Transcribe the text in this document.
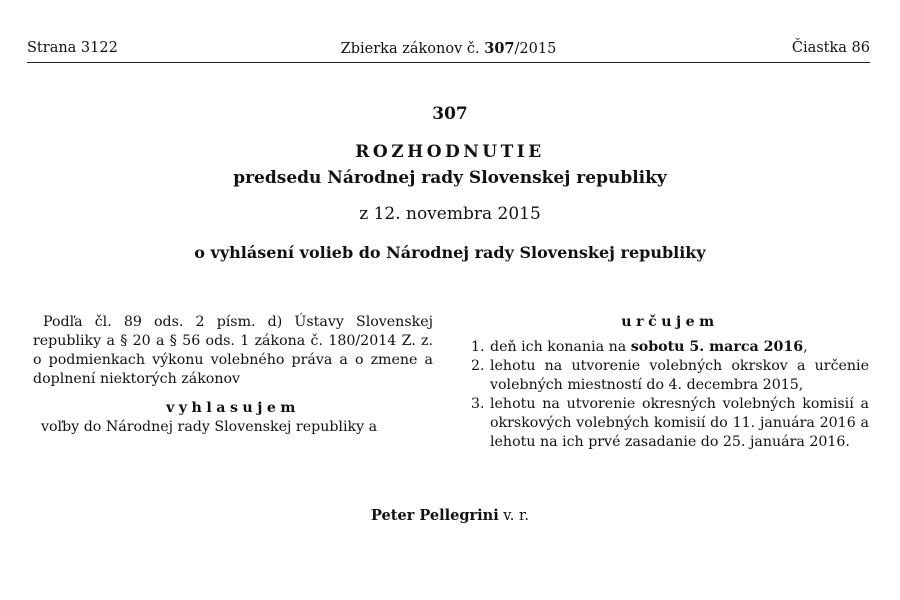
Strana 3122	Zbierka zákonov č. 307/2015	Čiastka 86
307
ROZHODNUTIE
predsedu Národnej rady Slovenskej republiky
z 12. novembra 2015
o vyhlásení volieb do Národnej rady Slovenskej republiky
Podľa čl. 89 ods. 2 písm. d) Ústavy Slovenskej republiky a § 20 a § 56 ods. 1 zákona č. 180/2014 Z. z. o podmienkach výkonu volebného práva a o zmene a doplnení niektorých zákonov
vyhlasujem
voľby do Národnej rady Slovenskej republiky a
určujem
1. deň ich konania na sobotu 5. marca 2016,
2. lehotu na utvorenie volebných okrskov a určenie volebných miestností do 4. decembra 2015,
3. lehotu na utvorenie okresných volebných komisií a okrskových volebných komisií do 11. januára 2016 a lehotu na ich prvé zasadanie do 25. januára 2016.
Peter Pellegrini v. r.
